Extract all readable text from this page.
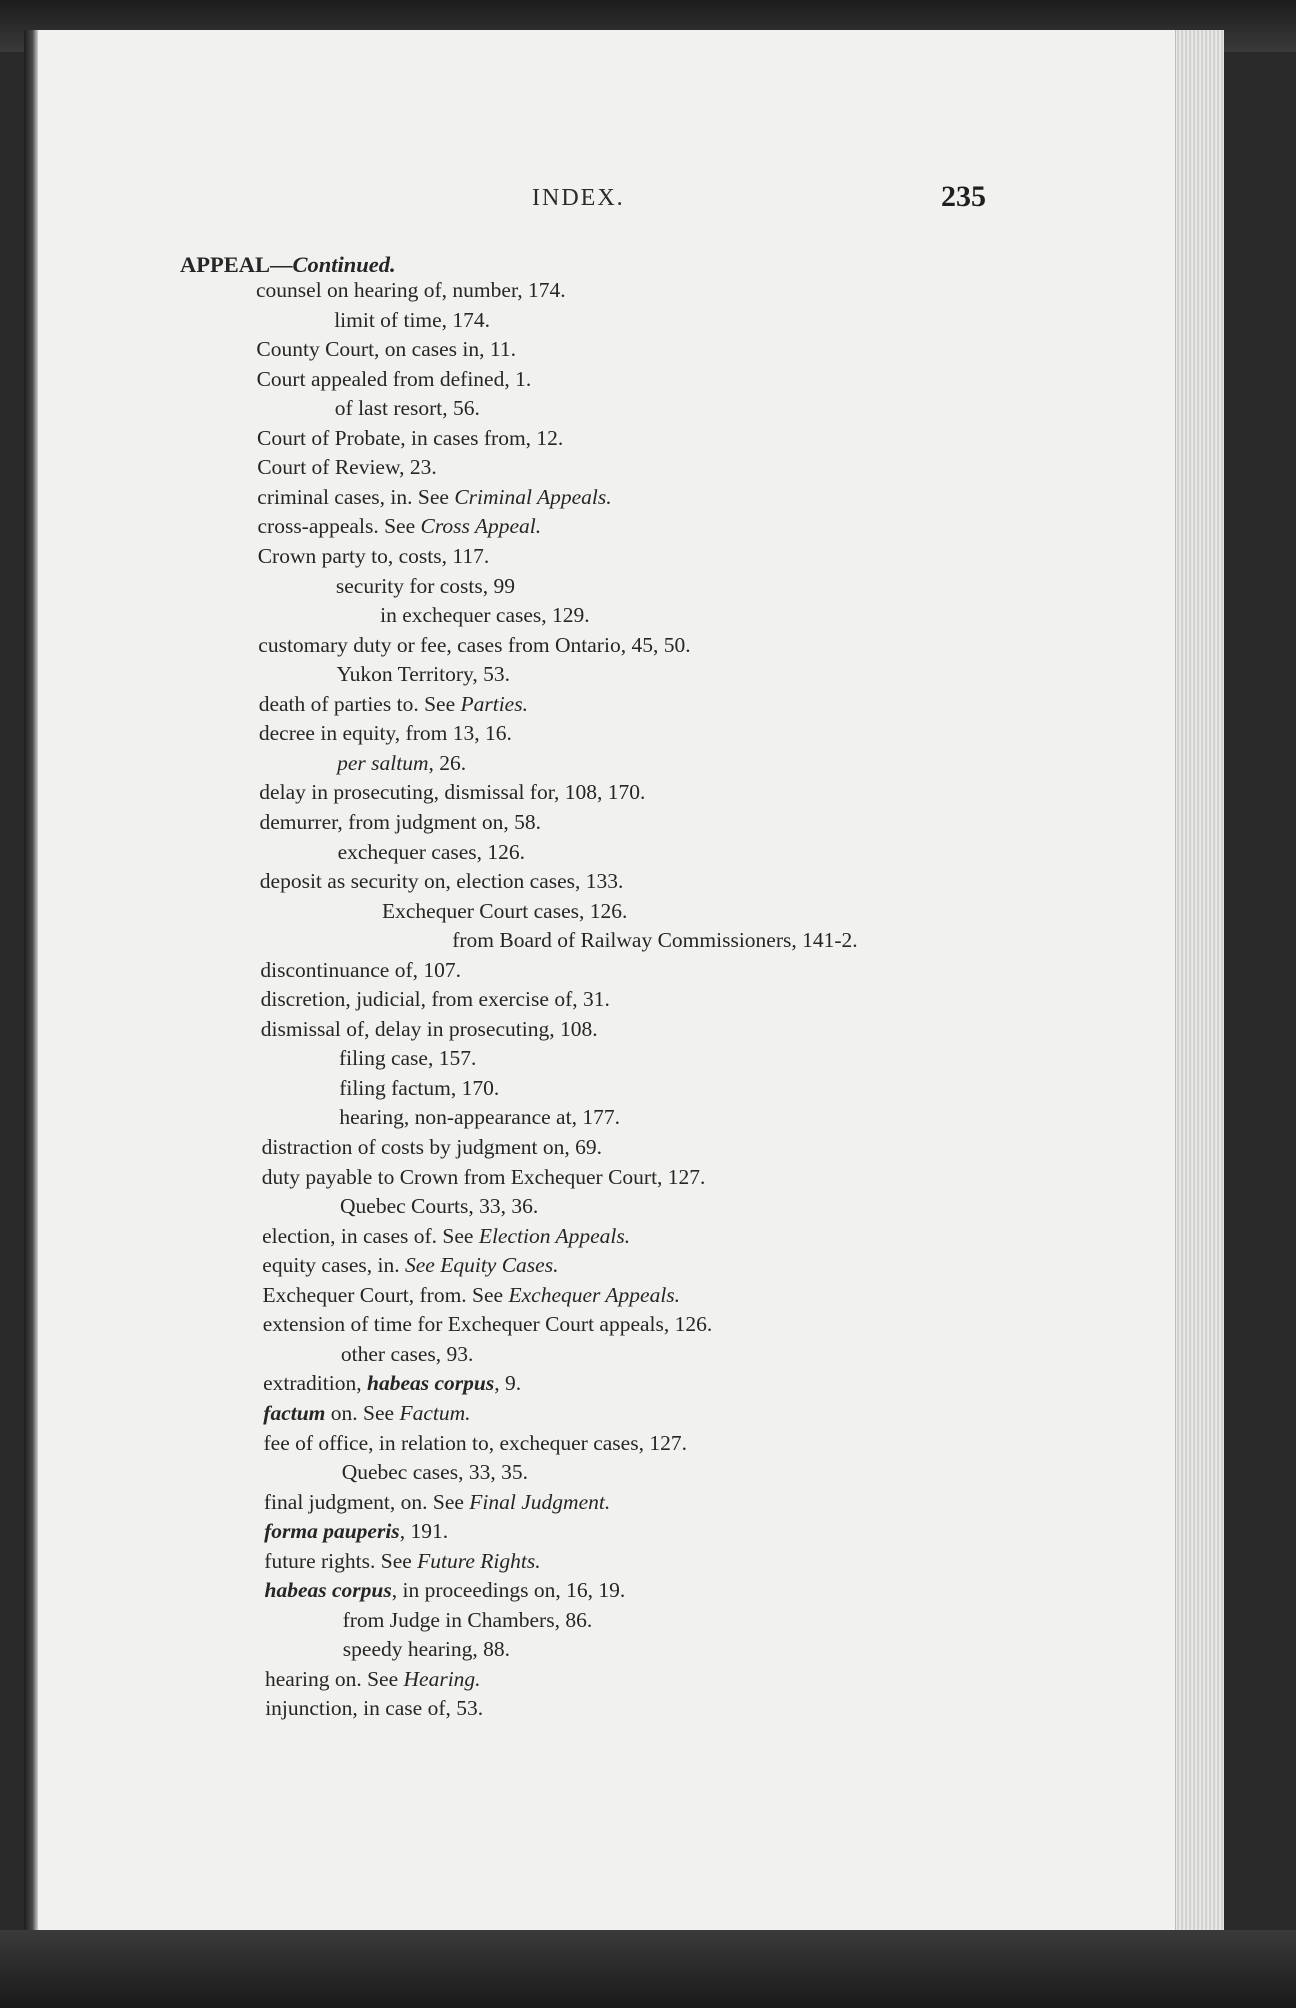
INDEX.	235
APPEAL—Continued.
counsel on hearing of, number, 174.
limit of time, 174.
County Court, on cases in, 11.
Court appealed from defined, 1.
of last resort, 56.
Court of Probate, in cases from, 12.
Court of Review, 23.
criminal cases, in. See Criminal Appeals.
cross-appeals. See Cross Appeal.
Crown party to, costs, 117.
security for costs, 99
in exchequer cases, 129.
customary duty or fee, cases from Ontario, 45, 50.
Yukon Territory, 53.
death of parties to. See Parties.
decree in equity, from 13, 16.
per saltum, 26.
delay in prosecuting, dismissal for, 108, 170.
demurrer, from judgment on, 58.
exchequer cases, 126.
deposit as security on, election cases, 133.
Exchequer Court cases, 126.
from Board of Railway Commissioners, 141-2.
discontinuance of, 107.
discretion, judicial, from exercise of, 31.
dismissal of, delay in prosecuting, 108.
filing case, 157.
filing factum, 170.
hearing, non-appearance at, 177.
distraction of costs by judgment on, 69.
duty payable to Crown from Exchequer Court, 127.
Quebec Courts, 33, 36.
election, in cases of. See Election Appeals.
equity cases, in. See Equity Cases.
Exchequer Court, from. See Exchequer Appeals.
extension of time for Exchequer Court appeals, 126.
other cases, 93.
extradition, habeas corpus, 9.
factum on. See Factum.
fee of office, in relation to, exchequer cases, 127.
Quebec cases, 33, 35.
final judgment, on. See Final Judgment.
forma pauperis, 191.
future rights. See Future Rights.
habeas corpus, in proceedings on, 16, 19.
from Judge in Chambers, 86.
speedy hearing, 88.
hearing on. See Hearing.
injunction, in case of, 53.
